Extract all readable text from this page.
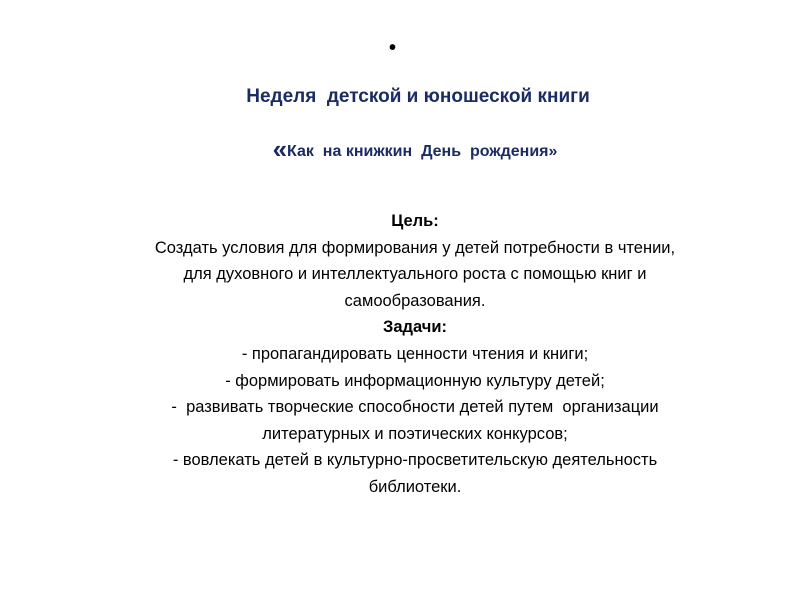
•
Неделя  детской и юношеской книги
«Как  на книжкин  День  рождения»
Цель:
Создать условия для формирования у детей потребности в чтении,
для духовного и интеллектуального роста с помощью книг и
самообразования.
Задачи:
- пропагандировать ценности чтения и книги;
- формировать информационную культуру детей;
-  развивать творческие способности детей путем  организации
литературных и поэтических конкурсов;
- вовлекать детей в культурно-просветительскую деятельность
библиотеки.
